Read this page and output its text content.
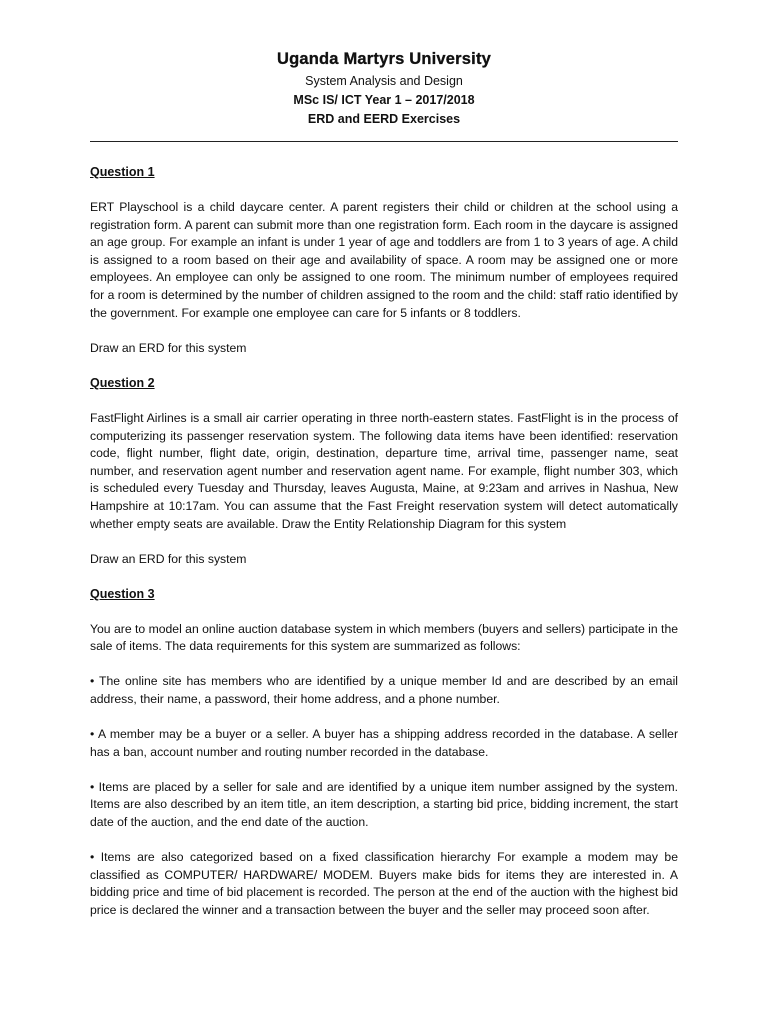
Uganda Martyrs University
System Analysis and Design
MSc IS/ ICT Year 1 – 2017/2018
ERD and EERD Exercises
Question 1

ERT Playschool is a child daycare center. A parent registers their child or children at the school using a registration form. A parent can submit more than one registration form. Each room in the daycare is assigned an age group. For example an infant is under 1 year of age and toddlers are from 1 to 3 years of age. A child is assigned to a room based on their age and availability of space. A room may be assigned one or more employees. An employee can only be assigned to one room. The minimum number of employees required for a room is determined by the number of children assigned to the room and the child: staff ratio identified by the government. For example one employee can care for 5 infants or 8 toddlers.

Draw an ERD for this system

Question 2

FastFlight Airlines is a small air carrier operating in three north-eastern states. FastFlight is in the process of computerizing its passenger reservation system. The following data items have been identified: reservation code, flight number, flight date, origin, destination, departure time, arrival time, passenger name, seat number, and reservation agent number and reservation agent name. For example, flight number 303, which is scheduled every Tuesday and Thursday, leaves Augusta, Maine, at 9:23am and arrives in Nashua, New Hampshire at 10:17am. You can assume that the Fast Freight reservation system will detect automatically whether empty seats are available. Draw the Entity Relationship Diagram for this system

Draw an ERD for this system

Question 3

You are to model an online auction database system in which members (buyers and sellers) participate in the sale of items. The data requirements for this system are summarized as follows:

• The online site has members who are identified by a unique member Id and are described by an email address, their name, a password, their home address, and a phone number.

• A member may be a buyer or a seller. A buyer has a shipping address recorded in the database. A seller has a ban, account number and routing number recorded in the database.

• Items are placed by a seller for sale and are identified by a unique item number assigned by the system. Items are also described by an item title, an item description, a starting bid price, bidding increment, the start date of the auction, and the end date of the auction.

• Items are also categorized based on a fixed classification hierarchy For example a modem may be classified as COMPUTER/ HARDWARE/ MODEM. Buyers make bids for items they are interested in. A bidding price and time of bid placement is recorded. The person at the end of the auction with the highest bid price is declared the winner and a transaction between the buyer and the seller may proceed soon after.
